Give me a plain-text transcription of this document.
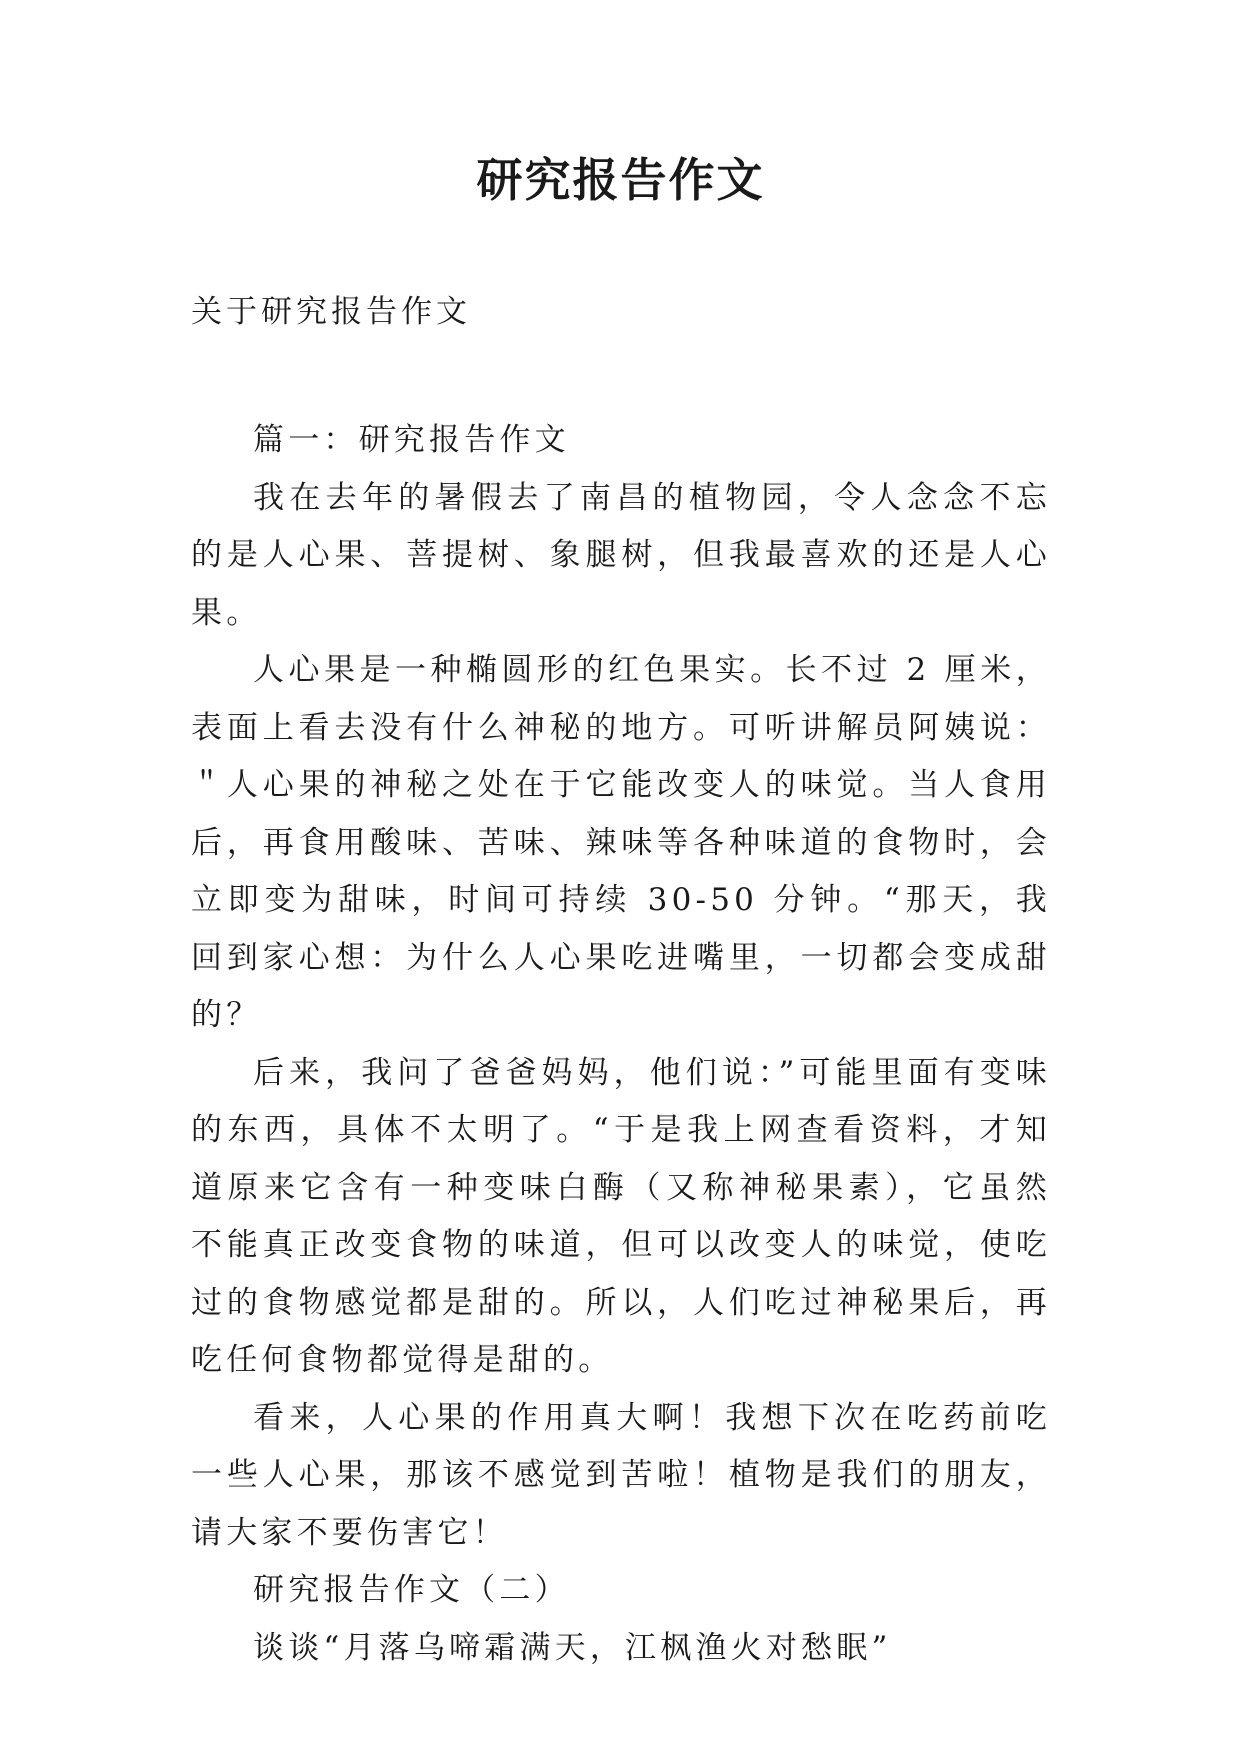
研究报告作文
关于研究报告作文

篇一：研究报告作文

我在去年的暑假去了南昌的植物园，令人念念不忘的是人心果、菩提树、象腿树，但我最喜欢的还是人心果。

人心果是一种椭圆形的红色果实。长不过 2 厘米，表面上看去没有什么神秘的地方。可听讲解员阿姨说：＂人心果的神秘之处在于它能改变人的味觉。当人食用后，再食用酸味、苦味、辣味等各种味道的食物时，会立即变为甜味，时间可持续 30-50 分钟。“那天，我回到家心想：为什么人心果吃进嘴里，一切都会变成甜的？

后来，我问了爸爸妈妈，他们说：”可能里面有变味的东西，具体不太明了。“于是我上网查看资料，才知道原来它含有一种变味白酶（又称神秘果素），它虽然不能真正改变食物的味道，但可以改变人的味觉，使吃过的食物感觉都是甜的。所以，人们吃过神秘果后，再吃任何食物都觉得是甜的。

看来，人心果的作用真大啊！我想下次在吃药前吃一些人心果，那该不感觉到苦啦！植物是我们的朋友，请大家不要伤害它！

研究报告作文（二）

谈谈“月落乌啼霜满天，江枫渔火对愁眠”
